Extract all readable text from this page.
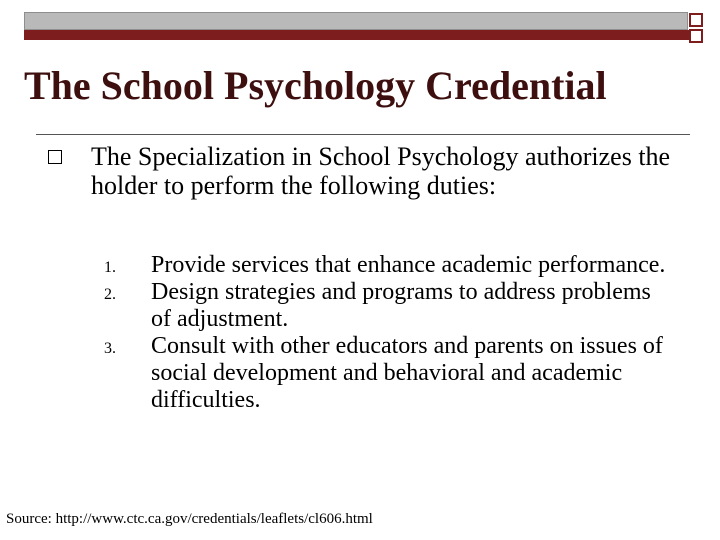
The School Psychology Credential

The Specialization in School Psychology authorizes the holder to perform the following duties:

1. Provide services that enhance academic performance.
2. Design strategies and programs to address problems of adjustment.
3. Consult with other educators and parents on issues of social development and behavioral and academic difficulties.

Source: http://www.ctc.ca.gov/credentials/leaflets/cl606.html
